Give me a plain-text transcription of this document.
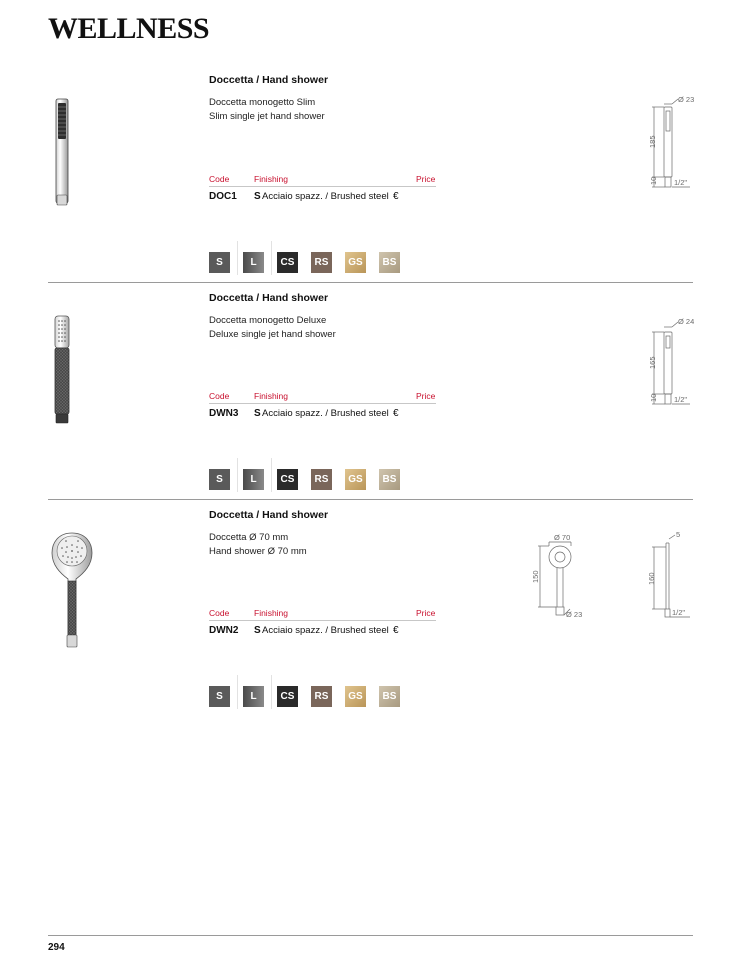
WELLNESS
Doccetta / Hand shower
Doccetta monogetto Slim
Slim single jet hand shower
Code	Finishing	Price
DOC1 S Acciaio spazz. / Brushed steel €
S	L	CS	RS	GS	BS
Ø 23
185
10 1/2"
Doccetta / Hand shower
Doccetta monogetto Deluxe
Deluxe single jet hand shower
Code	Finishing	Price
DWN3 S Acciaio spazz. / Brushed steel €
S	L	CS	RS	GS	BS
Ø 24
165
10 1/2"
Doccetta / Hand shower
Doccetta Ø 70 mm
Hand shower Ø 70 mm
Code	Finishing	Price
DWN2 S Acciaio spazz. / Brushed steel €
S	L	CS	RS	GS	BS
Ø 70
150
Ø 23
5
160
1/2"
294
